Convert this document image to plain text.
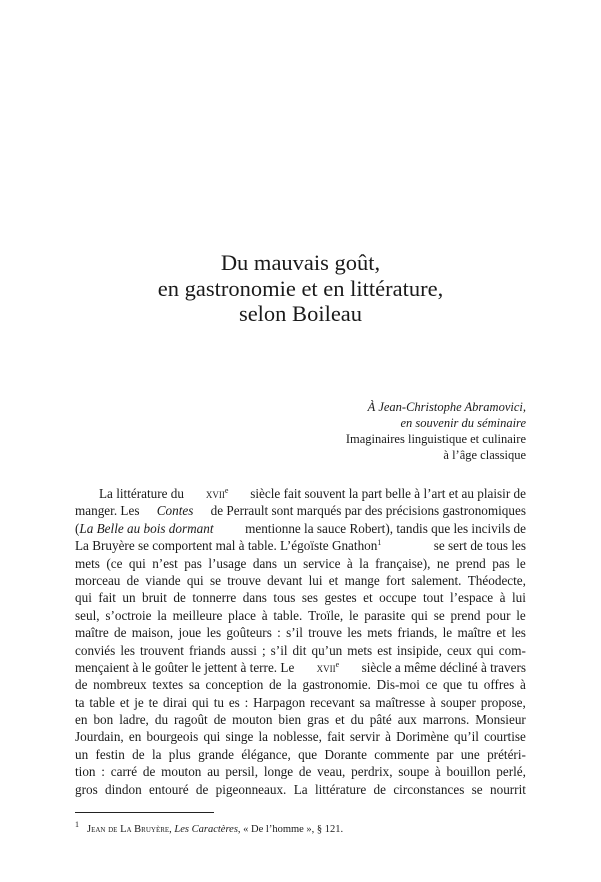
Du mauvais goût,
en gastronomie et en littérature,
selon Boileau
À Jean-Christophe Abramovici,
en souvenir du séminaire
Imaginaires linguistique et culinaire
à l’âge classique
La littérature du xvii$^e$ siècle fait souvent la part belle à l’art et au plaisir de
manger. Les Contes de Perrault sont marqués par des précisions gastronomiques
(La Belle au bois dormant mentionne la sauce Robert), tandis que les incivils de
La Bruyère se comportent mal à table. L’égoïste Gnathon$^1$	se sert de tous les
mets (ce qui n’est pas l’usage dans un service à la française), ne prend pas le
morceau de viande qui se trouve devant lui et mange fort salement. Théodecte,
qui fait un bruit de tonnerre dans tous ses gestes et occupe tout l’espace à lui
seul, s’octroie la meilleure place à table. Troïle, le parasite qui se prend pour le
maître de maison, joue les goûteurs : s’il trouve les mets friands, le maître et les
conviés les trouvent friands aussi ; s’il dit qu’un mets est insipide, ceux qui com-
mençaient à le goûter le jettent à terre. Le xvii$^e$ siècle a même décliné à travers
de nombreux textes sa conception de la gastronomie. Dis-moi ce que tu offres à
ta table et je te dirai qui tu es : Harpagon recevant sa maîtresse à souper propose,
en bon ladre, du ragoût de mouton bien gras et du pâté aux marrons. Monsieur
Jourdain, en bourgeois qui singe la noblesse, fait servir à Dorimène qu’il courtise
un festin de la plus grande élégance, que Dorante commente par une prétéri-
tion : carré de mouton au persil, longe de veau, perdrix, soupe à bouillon perlé,
gros dindon entouré de pigeonneaux. La littérature de circonstances se nourrit
$^1$ Jean de La Bruyère, Les Caractères, « De l’homme », § 121.
